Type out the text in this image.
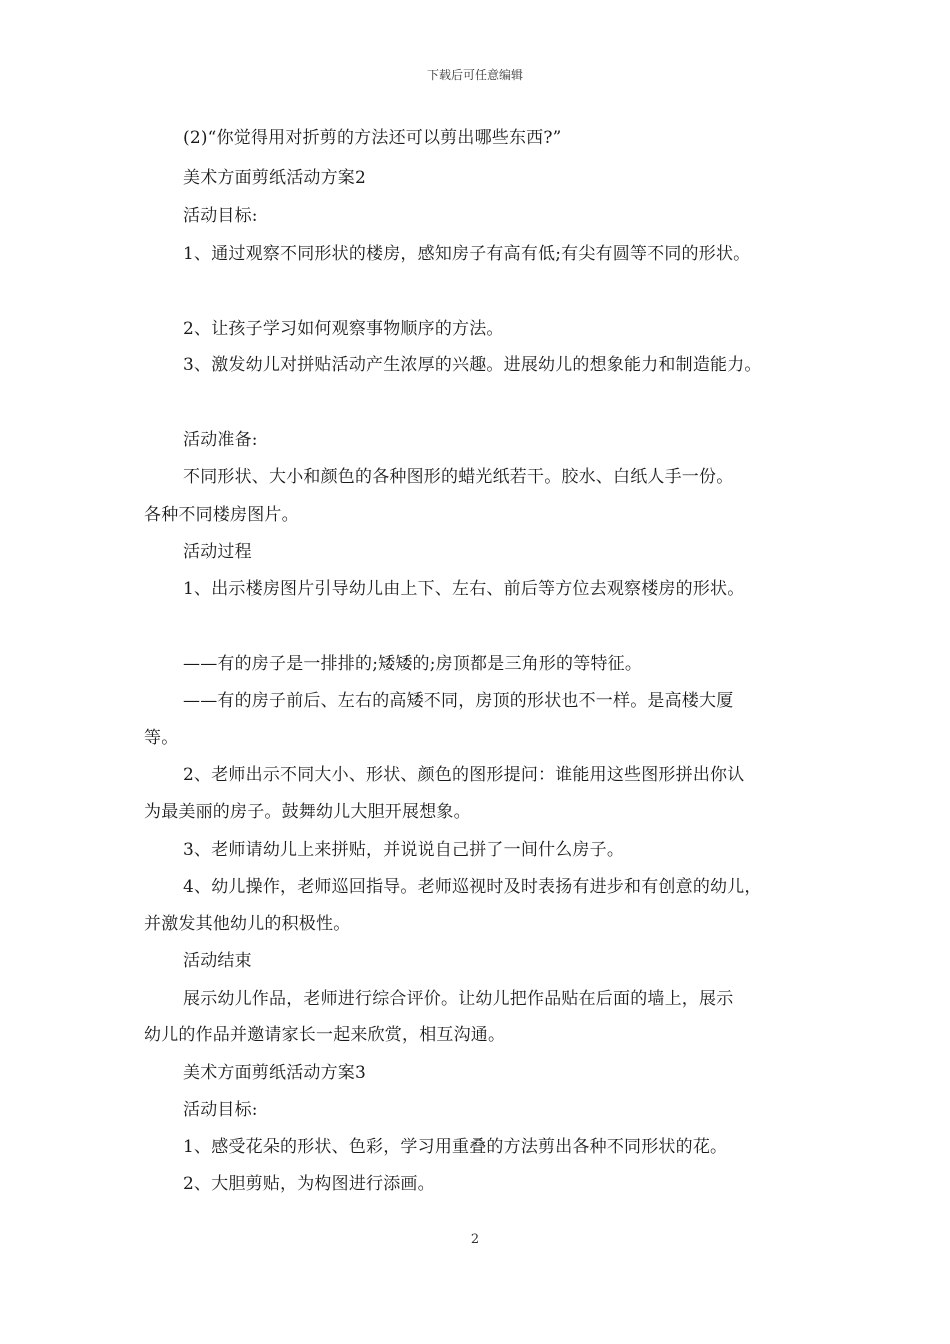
下载后可任意编辑
(2)“你觉得用对折剪的方法还可以剪出哪些东西?”
美术方面剪纸活动方案2
活动目标:
1、通过观察不同形状的楼房，感知房子有高有低;有尖有圆等不同的形状。
2、让孩子学习如何观察事物顺序的方法。
3、激发幼儿对拼贴活动产生浓厚的兴趣。进展幼儿的想象能力和制造能力。
活动准备:
不同形状、大小和颜色的各种图形的蜡光纸若干。胶水、白纸人手一份。
各种不同楼房图片。
活动过程
1、出示楼房图片引导幼儿由上下、左右、前后等方位去观察楼房的形状。
——有的房子是一排排的;矮矮的;房顶都是三角形的等特征。
——有的房子前后、左右的高矮不同，房顶的形状也不一样。是高楼大厦
等。
2、老师出示不同大小、形状、颜色的图形提问：谁能用这些图形拼出你认
为最美丽的房子。鼓舞幼儿大胆开展想象。
3、老师请幼儿上来拼贴，并说说自己拼了一间什么房子。
4、幼儿操作，老师巡回指导。老师巡视时及时表扬有进步和有创意的幼儿，
并激发其他幼儿的积极性。
活动结束
展示幼儿作品，老师进行综合评价。让幼儿把作品贴在后面的墙上，展示
幼儿的作品并邀请家长一起来欣赏，相互沟通。
美术方面剪纸活动方案3
活动目标:
1、感受花朵的形状、色彩，学习用重叠的方法剪出各种不同形状的花。
2、大胆剪贴，为构图进行添画。
2
